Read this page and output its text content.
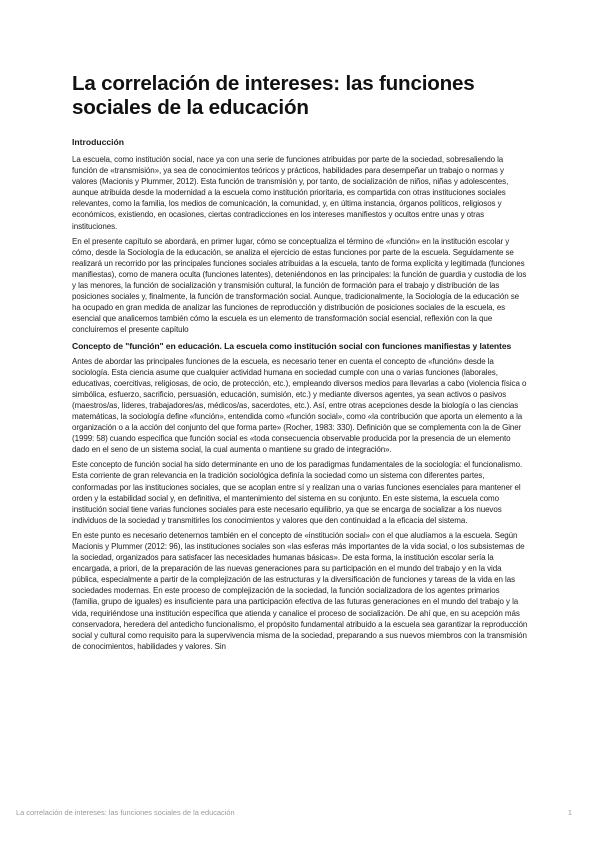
La correlación de intereses: las funciones sociales de la educación
Introducción

La escuela, como institución social, nace ya con una serie de funciones atribuidas por parte de la sociedad, sobresaliendo la función de «transmisión», ya sea de conocimientos teóricos y prácticos, habilidades para desempeñar un trabajo o normas y valores (Macionis y Plummer, 2012). Esta función de transmisión y, por tanto, de socialización de niños, niñas y adolescentes, aunque atribuida desde la modernidad a la escuela como institución prioritaria, es compartida con otras instituciones sociales relevantes, como la familia, los medios de comunicación, la comunidad, y, en última instancia, órganos políticos, religiosos y económicos, existiendo, en ocasiones, ciertas contradicciones en los intereses manifiestos y ocultos entre unas y otras instituciones.

En el presente capítulo se abordará, en primer lugar, cómo se conceptualiza el término de «función» en la institución escolar y cómo, desde la Sociología de la educación, se analiza el ejercicio de estas funciones por parte de la escuela. Seguidamente se realizará un recorrido por las principales funciones sociales atribuidas a la escuela, tanto de forma explícita y legitimada (funciones manifiestas), como de manera oculta (funciones latentes), deteniéndonos en las principales: la función de guardia y custodia de los y las menores, la función de socialización y transmisión cultural, la función de formación para el trabajo y distribución de las posiciones sociales y, finalmente, la función de transformación social. Aunque, tradicionalmente, la Sociología de la educación se ha ocupado en gran medida de analizar las funciones de reproducción y distribución de posiciones sociales de la escuela, es esencial que analicemos también cómo la escuela es un elemento de transformación social esencial, reflexión con la que concluiremos el presente capítulo

Concepto de "función" en educación. La escuela como institución social con funciones manifiestas y latentes

Antes de abordar las principales funciones de la escuela, es necesario tener en cuenta el concepto de «función» desde la sociología. Esta ciencia asume que cualquier actividad humana en sociedad cumple con una o varias funciones (laborales, educativas, coercitivas, religiosas, de ocio, de protección, etc.), empleando diversos medios para llevarlas a cabo (violencia física o simbólica, esfuerzo, sacrificio, persuasión, educación, sumisión, etc.) y mediante diversos agentes, ya sean activos o pasivos (maestros/as, líderes, trabajadores/as, médicos/as, sacerdotes, etc.). Así, entre otras acepciones desde la biología o las ciencias matemáticas, la sociología define «función», entendida como «función social», como «la contribución que aporta un elemento a la organización o a la acción del conjunto del que forma parte» (Rocher, 1983: 330). Definición que se complementa con la de Giner (1999: 58) cuando especifica que función social es «toda consecuencia observable producida por la presencia de un elemento dado en el seno de un sistema social, la cual aumenta o mantiene su grado de integración».

Este concepto de función social ha sido determinante en uno de los paradigmas fundamentales de la sociología: el funcionalismo. Esta corriente de gran relevancia en la tradición sociológica definía la sociedad como un sistema con diferentes partes, conformadas por las instituciones sociales, que se acoplan entre sí y realizan una o varias funciones esenciales para mantener el orden y la estabilidad social y, en definitiva, el mantenimiento del sistema en su conjunto. En este sistema, la escuela como institución social tiene varias funciones sociales para este necesario equilibrio, ya que se encarga de socializar a los nuevos individuos de la sociedad y transmitirles los conocimientos y valores que den continuidad a la eficacia del sistema.

En este punto es necesario detenernos también en el concepto de «institución social» con el que aludíamos a la escuela. Según Macionis y Plummer (2012: 96), las instituciones sociales son «las esferas más importantes de la vida social, o los subsistemas de la sociedad, organizados para satisfacer las necesidades humanas básicas». De esta forma, la institución escolar sería la encargada, a priori, de la preparación de las nuevas generaciones para su participación en el mundo del trabajo y en la vida pública, especialmente a partir de la complejización de las estructuras y la diversificación de funciones y tareas de la vida en las sociedades modernas. En este proceso de complejización de la sociedad, la función socializadora de los agentes primarios (familia, grupo de iguales) es insuficiente para una participación efectiva de las futuras generaciones en el mundo del trabajo y la vida, requiriéndose una institución específica que atienda y canalice el proceso de socialización. De ahí que, en su acepción más conservadora, heredera del antedicho funcionalismo, el propósito fundamental atribuido a la escuela sea garantizar la reproducción social y cultural como requisito para la supervivencia misma de la sociedad, preparando a sus nuevos miembros con la transmisión de conocimientos, habilidades y valores. Sin

La correlación de intereses: las funciones sociales de la educación	1
